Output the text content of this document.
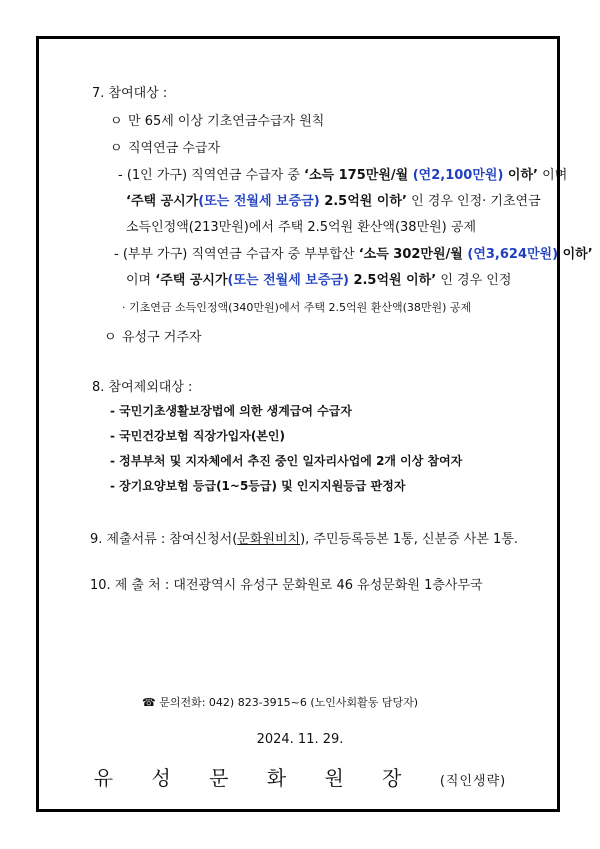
7. 참여대상 :
ㅇ 만 65세 이상 기초연금수급자 원칙
ㅇ 직역연금 수급자
- (1인 가구) 직역연금 수급자 중 ‘소득 175만원/월 (연2,100만원) 이하’ 이며
‘주택 공시가(또는 전월세 보증금) 2.5억원 이하’ 인 경우 인정· 기초연금
소득인정액(213만원)에서 주택 2.5억원 환산액(38만원) 공제
- (부부 가구) 직역연금 수급자 중 부부합산 ‘소득 302만원/월 (연3,624만원) 이하’
이며 ‘주택 공시가(또는 전월세 보증금) 2.5억원 이하’ 인 경우 인정
· 기초연금 소득인정액(340만원)에서 주택 2.5억원 환산액(38만원) 공제
ㅇ 유성구 거주자
8. 참여제외대상 :
- 국민기초생활보장법에 의한 생계급여 수급자
- 국민건강보험 직장가입자(본인)
- 정부부처 및 지자체에서 추진 중인 일자리사업에 2개 이상 참여자
- 장기요양보험 등급(1~5등급) 및 인지지원등급 판정자
9. 제출서류 : 참여신청서(문화원비치), 주민등록등본 1통, 신분증 사본 1통.
10. 제 출 처 : 대전광역시 유성구 문화원로 46 유성문화원 1층사무국
☎ 문의전화: 042) 823-3915~6 (노인사회활동 담당자)
2024. 11. 29.
유 성 문 화 원 장 (직인생략)
